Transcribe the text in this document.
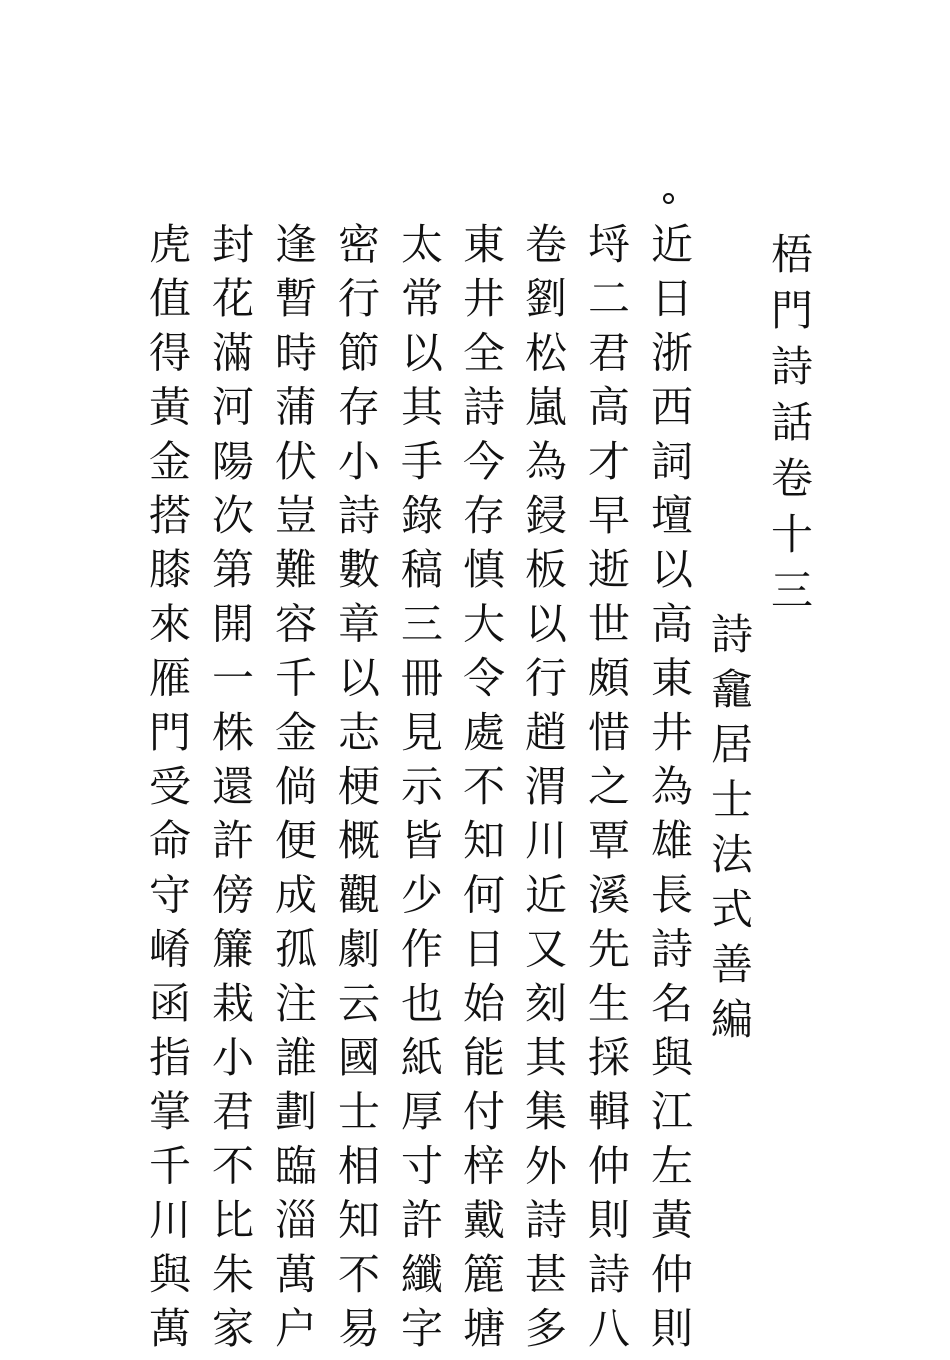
梧門詩話卷十三
詩龕居士法式善編
近日浙西詞壇以高東井為雄長詩名與江左黃仲則
埒二君高才早逝世頗惜之覃溪先生採輯仲則詩八
卷劉松嵐為鋟板以行趙渭川近又刻其集外詩甚多
東井全詩今存慎大令處不知何日始能付梓戴簏塘
太常以其手錄稿三冊見示皆少作也紙厚寸許纖字
密行節存小詩數章以志梗概觀劇云國士相知不易
逢暫時蒲伏豈難容千金倘便成孤注誰劃臨淄萬户
封花滿河陽次第開一株還許傍簾栽小君不比朱家
虎值得黃金搭膝來雁門受命守崤函指掌千川與萬
